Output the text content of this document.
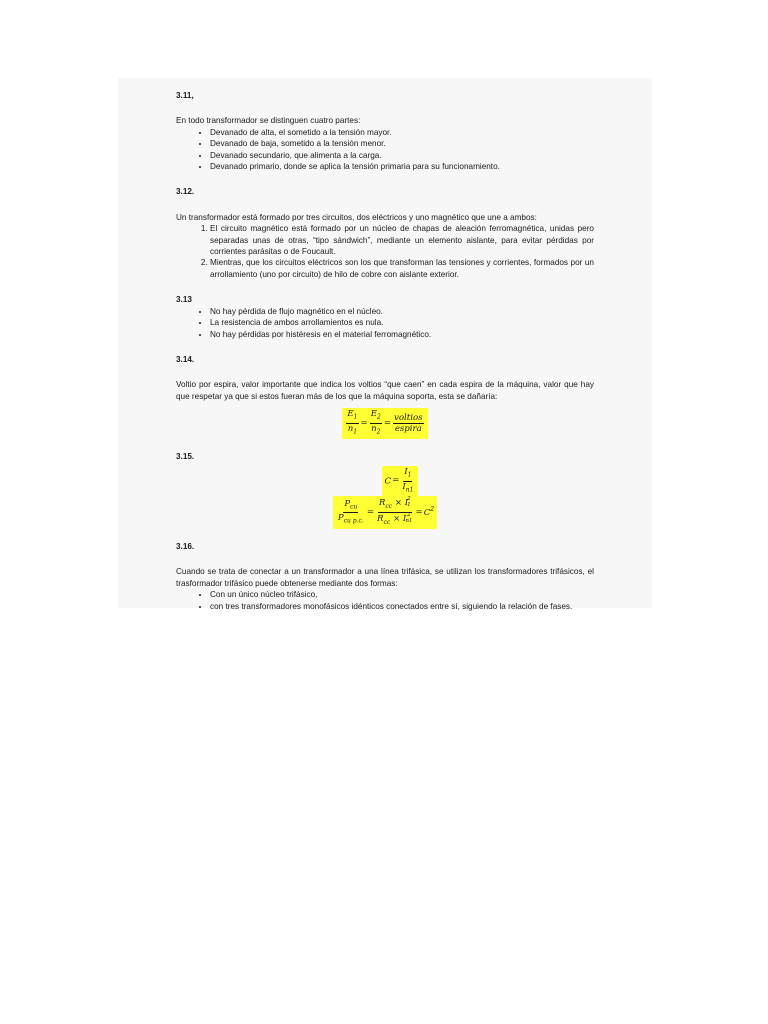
3.11,

En todo transformador se distinguen cuatro partes:

• Devanado de alta, el sometido a la tensión mayor.
• Devanado de baja, sometido a la tensión menor.
• Devanado secundario, que alimenta a la carga.
• Devanado primario, donde se aplica la tensión primaria para su funcionamiento.

3.12.

Un transformador está formado por tres circuitos, dos eléctricos y uno magnético que une a ambos:

1. El circuito magnético está formado por un núcleo de chapas de aleación ferromagnética, unidas pero separadas unas de otras, “tipo sándwich”, mediante un elemento aislante, para evitar pérdidas por corrientes parásitas o de Foucault.
2. Mientras, que los circuitos eléctricos son los que transforman las tensiones y corrientes, formados por un arrollamiento (uno por circuito) de hilo de cobre con aislante exterior.

3.13

• No hay pérdida de flujo magnético en el núcleo.
• La resistencia de ambos arrollamientos es nula.
• No hay pérdidas por histéresis en el material ferromagnético.

3.14.

Voltio por espira, valor importante que indica los voltios “que caen” en cada espira de la máquina, valor que hay que respetar ya que si estos fueran más de los que la máquina soporta, esta se dañaría:

$\frac{E_1}{n_1} = \frac{E_2}{n_2} = \frac{\text{voltios}}{\text{espira}}$

3.15.

$C= \frac{I_1}{I_{n1}}$
$\frac{P_{cu}}{P_{cu p.c.}} = R_{cc} \times I$ 2
1
$R_{cc} \times I$ 2
$n1 =C^2$

3.16.

Cuando se trata de conectar a un transformador a una línea trifásica, se utilizan los transformadores trifásicos, el trasformador trifásico puede obtenerse mediante dos formas:

• Con un único núcleo trifásico,
• con tres transformadores monofásicos idénticos conectados entre sí, siguiendo la relación de fases.
